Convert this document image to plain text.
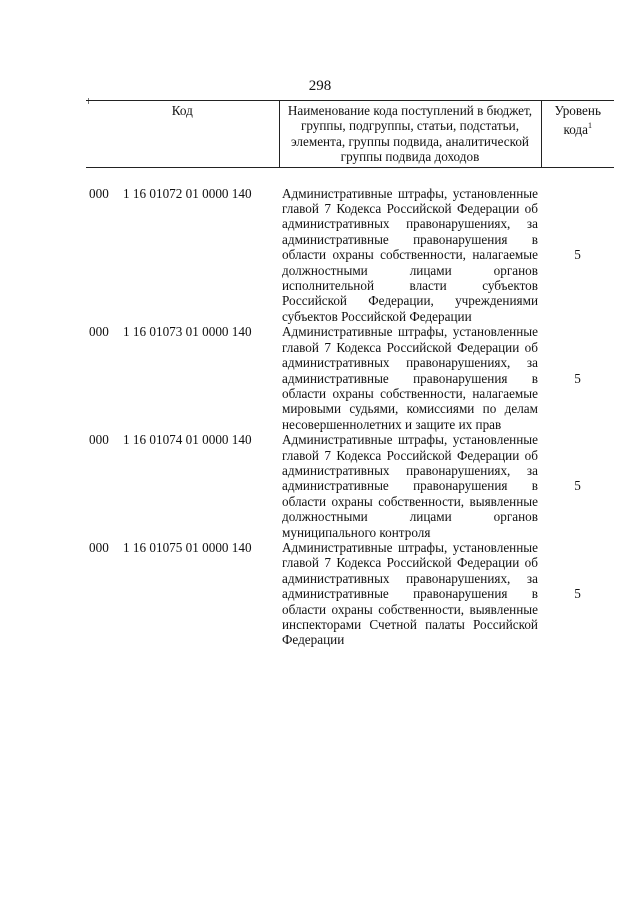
298
Код	Наименование кода поступлений в бюджет, группы, подгруппы, статьи, подстатьи, элемента, группы подвида, аналитической группы подвида доходов	Уровень кода$^1$

000 1 16 01072 01 0000 140	Административные штрафы, установленные главой 7 Кодекса Российской Федерации об административных правонарушениях, за административные правонарушения в области охраны собственности, налагаемые должностными лицами органов исполнительной власти субъектов Российской Федерации, учреждениями субъектов Российской Федерации	5
000 1 16 01073 01 0000 140	Административные штрафы, установленные главой 7 Кодекса Российской Федерации об административных правонарушениях, за административные правонарушения в области охраны собственности, налагаемые мировыми судьями, комиссиями по делам несовершеннолетних и защите их прав	5
000 1 16 01074 01 0000 140	Административные штрафы, установленные главой 7 Кодекса Российской Федерации об административных правонарушениях, за административные правонарушения в области охраны собственности, выявленные должностными лицами органов муниципального контроля	5
000 1 16 01075 01 0000 140	Административные штрафы, установленные главой 7 Кодекса Российской Федерации об административных правонарушениях, за административные правонарушения в области охраны собственности, выявленные инспекторами Счетной палаты Российской Федерации	5
